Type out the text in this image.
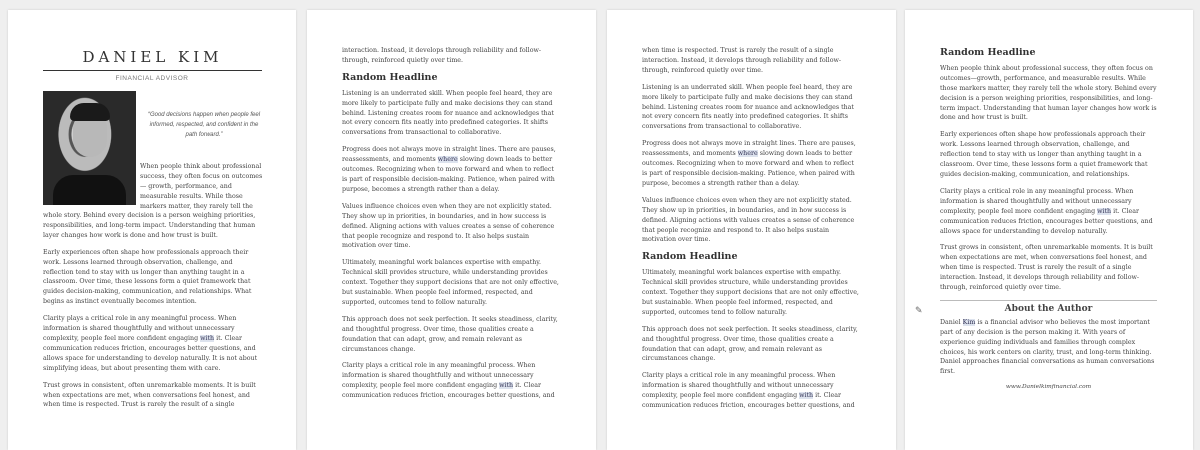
DANIEL KIM
FINANCIAL ADVISOR
“Good decisions happen when people feel informed, respected, and confident in the path forward.”
When people think about professional success, they often focus on outcomes — growth, performance, and measurable results. While those markers matter, they rarely tell the

whole story. Behind every decision is a person weighing priorities, responsibilities, and long-term impact. Understanding that human layer changes how work is done and how trust is built.

Early experiences often shape how professionals approach their work. Lessons learned through observation, challenge, and reflection tend to stay with us longer than anything taught in a classroom. Over time, these lessons form a quiet framework that guides decision-making, communication, and relationships. What begins as instinct eventually becomes intention.

Clarity plays a critical role in any meaningful process. When information is shared thoughtfully and without unnecessary complexity, people feel more confident engaging with it. Clear communication reduces friction, encourages better questions, and allows space for understanding to develop naturally. It is not about simplifying ideas, but about presenting them with care.

Trust grows in consistent, often unremarkable moments. It is built when expectations are met, when conversations feel honest, and when time is respected. Trust is rarely the result of a single

interaction. Instead, it develops through reliability and follow-through, reinforced quietly over time.

Random Headline

Listening is an underrated skill. When people feel heard, they are more likely to participate fully and make decisions they can stand behind. Listening creates room for nuance and acknowledges that not every concern fits neatly into predefined categories. It shifts conversations from transactional to collaborative.

Progress does not always move in straight lines. There are pauses, reassessments, and moments where slowing down leads to better outcomes. Recognizing when to move forward and when to reflect is part of responsible decision-making. Patience, when paired with purpose, becomes a strength rather than a delay.

Values influence choices even when they are not explicitly stated. They show up in priorities, in boundaries, and in how success is defined. Aligning actions with values creates a sense of coherence that people recognize and respond to. It also helps sustain motivation over time.

Ultimately, meaningful work balances expertise with empathy. Technical skill provides structure, while understanding provides context. Together they support decisions that are not only effective, but sustainable. When people feel informed, respected, and supported, outcomes tend to follow naturally.

This approach does not seek perfection. It seeks steadiness, clarity, and thoughtful progress. Over time, those qualities create a foundation that can adapt, grow, and remain relevant as circumstances change.

Clarity plays a critical role in any meaningful process. When information is shared thoughtfully and without unnecessary complexity, people feel more confident engaging with it. Clear communication reduces friction, encourages better questions, and

when time is respected. Trust is rarely the result of a single interaction. Instead, it develops through reliability and follow-through, reinforced quietly over time.

Listening is an underrated skill. When people feel heard, they are more likely to participate fully and make decisions they can stand behind. Listening creates room for nuance and acknowledges that not every concern fits neatly into predefined categories. It shifts conversations from transactional to collaborative.

Progress does not always move in straight lines. There are pauses, reassessments, and moments where slowing down leads to better outcomes. Recognizing when to move forward and when to reflect is part of responsible decision-making. Patience, when paired with purpose, becomes a strength rather than a delay.

Values influence choices even when they are not explicitly stated. They show up in priorities, in boundaries, and in how success is defined. Aligning actions with values creates a sense of coherence that people recognize and respond to. It also helps sustain motivation over time.

Random Headline

Ultimately, meaningful work balances expertise with empathy. Technical skill provides structure, while understanding provides context. Together they support decisions that are not only effective, but sustainable. When people feel informed, respected, and supported, outcomes tend to follow naturally.

This approach does not seek perfection. It seeks steadiness, clarity, and thoughtful progress. Over time, those qualities create a foundation that can adapt, grow, and remain relevant as circumstances change.

Clarity plays a critical role in any meaningful process. When information is shared thoughtfully and without unnecessary complexity, people feel more confident engaging with it. Clear communication reduces friction, encourages better questions, and

✎
Random Headline

When people think about professional success, they often focus on outcomes—growth, performance, and measurable results. While those markers matter, they rarely tell the whole story. Behind every decision is a person weighing priorities, responsibilities, and long-term impact. Understanding that human layer changes how work is done and how trust is built.

Early experiences often shape how professionals approach their work. Lessons learned through observation, challenge, and reflection tend to stay with us longer than anything taught in a classroom. Over time, these lessons form a quiet framework that guides decision-making, communication, and relationships.

Clarity plays a critical role in any meaningful process. When information is shared thoughtfully and without unnecessary complexity, people feel more confident engaging with it. Clear communication reduces friction, encourages better questions, and allows space for understanding to develop naturally.

Trust grows in consistent, often unremarkable moments. It is built when expectations are met, when conversations feel honest, and when time is respected. Trust is rarely the result of a single interaction. Instead, it develops through reliability and follow-through, reinforced quietly over time.

About the Author

Daniel Kim is a financial advisor who believes the most important part of any decision is the person making it. With years of experience guiding individuals and families through complex choices, his work centers on clarity, trust, and long-term thinking. Daniel approaches financial conversations as human conversations first.

www.Danielkimfinancial.com
